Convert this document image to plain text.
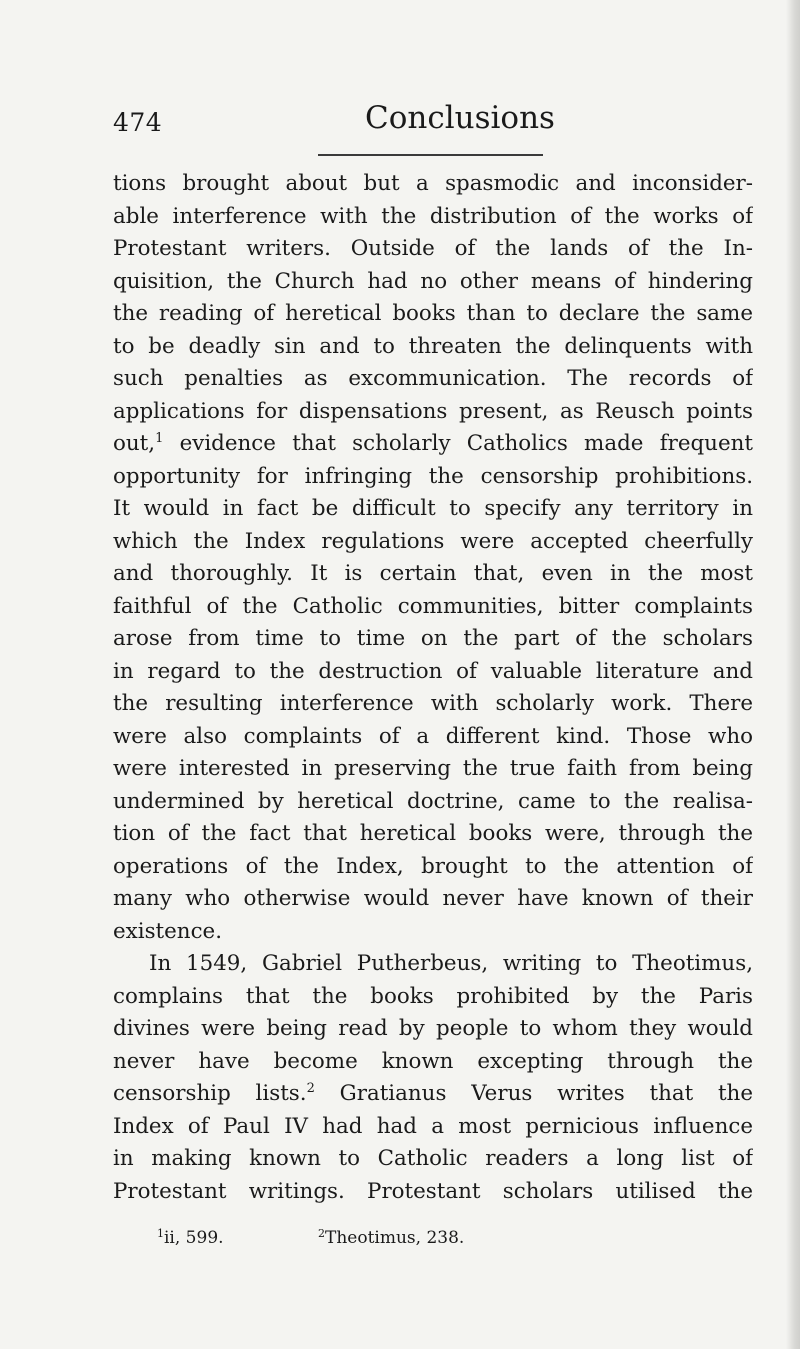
474	Conclusions
tions brought about but a spasmodic and inconsider-
able interference with the distribution of the works of
Protestant writers. Outside of the lands of the In-
quisition, the Church had no other means of hindering
the reading of heretical books than to declare the same
to be deadly sin and to threaten the delinquents with
such penalties as excommunication. The records of
applications for dispensations present, as Reusch points
out,$^1$ evidence that scholarly Catholics made frequent
opportunity for infringing the censorship prohibitions.
It would in fact be difficult to specify any territory in
which the Index regulations were accepted cheerfully
and thoroughly. It is certain that, even in the most
faithful of the Catholic communities, bitter complaints
arose from time to time on the part of the scholars
in regard to the destruction of valuable literature and
the resulting interference with scholarly work. There
were also complaints of a different kind. Those who
were interested in preserving the true faith from being
undermined by heretical doctrine, came to the realisa-
tion of the fact that heretical books were, through the
operations of the Index, brought to the attention of
many who otherwise would never have known of their
existence.
In 1549, Gabriel Putherbeus, writing to Theotimus,
complains that the books prohibited by the Paris
divines were being read by people to whom they would
never have become known excepting through the
censorship lists.$^2$ Gratianus Verus writes that the
Index of Paul IV had had a most pernicious influence
in making known to Catholic readers a long list of
Protestant writings. Protestant scholars utilised the
$^1$ii, 599.	$^2$Theotimus, 238.
